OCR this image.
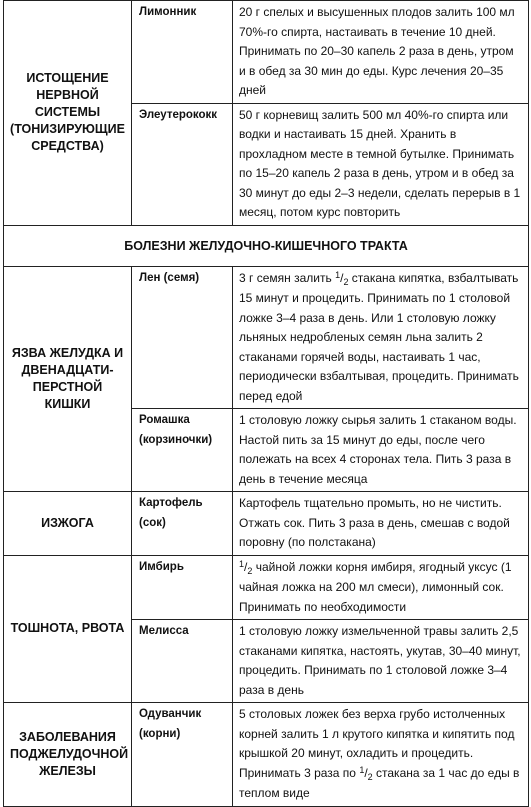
ИСТОЩЕНИЕ НЕРВНОЙ СИСТЕМЫ (ТОНИЗИРУЮЩИЕ СРЕДСТВА)	Лимонник	20 г спелых и высушенных плодов залить 100 мл 70%-го спирта, настаивать в течение 10 дней. Принимать по 20–30 капель 2 раза в день, утром и в обед за 30 мин до еды. Курс лечения 20–35 дней
	Элеутерококк	50 г корневищ залить 500 мл 40%-го спирта или водки и настаивать 15 дней. Хранить в прохладном месте в темной бутылке. Принимать по 15–20 капель 2 раза в день, утром и в обед за 30 минут до еды 2–3 недели, сделать перерыв в 1 месяц, потом курс повторить
БОЛЕЗНИ ЖЕЛУДОЧНО-КИШЕЧНОГО ТРАКТА		
ЯЗВА ЖЕЛУДКА И ДВЕНАДЦАТИ-ПЕРСТНОЙ КИШКИ	Лен (семя)	3 г семян залить $^1/_2$ стакана кипятка, взбалтывать 15 минут и процедить. Принимать по 1 столовой ложке 3–4 раза в день. Или 1 столовую ложку льняных недробленых семян льна залить 2 стаканами горячей воды, настаивать 1 час, периодически взбалтывая, процедить. Принимать перед едой
	Ромашка (корзиночки)	1 столовую ложку сырья залить 1 стаканом воды. Настой пить за 15 минут до еды, после чего полежать на всех 4 сторонах тела. Пить 3 раза в день в течение месяца
ИЗЖОГА	Картофель (сок)	Картофель тщательно промыть, но не чистить. Отжать сок. Пить 3 раза в день, смешав с водой поровну (по полстакана)
ТОШНОТА, РВОТА	Имбирь	$^1/_2$ чайной ложки корня имбиря, ягодный уксус (1 чайная ложка на 200 мл смеси), лимонный сок. Принимать по необходимости
	Мелисса	1 столовую ложку измельченной травы залить 2,5 стаканами кипятка, настоять, укутав, 30–40 минут, процедить. Принимать по 1 столовой ложке 3–4 раза в день
ЗАБОЛЕВАНИЯ ПОДЖЕЛУДОЧНОЙ ЖЕЛЕЗЫ	Одуванчик (корни)	5 столовых ложек без верха грубо истолченных корней залить 1 л крутого кипятка и кипятить под крышкой 20 минут, охладить и процедить. Принимать 3 раза по $^1/_2$ стакана за 1 час до еды в теплом виде
